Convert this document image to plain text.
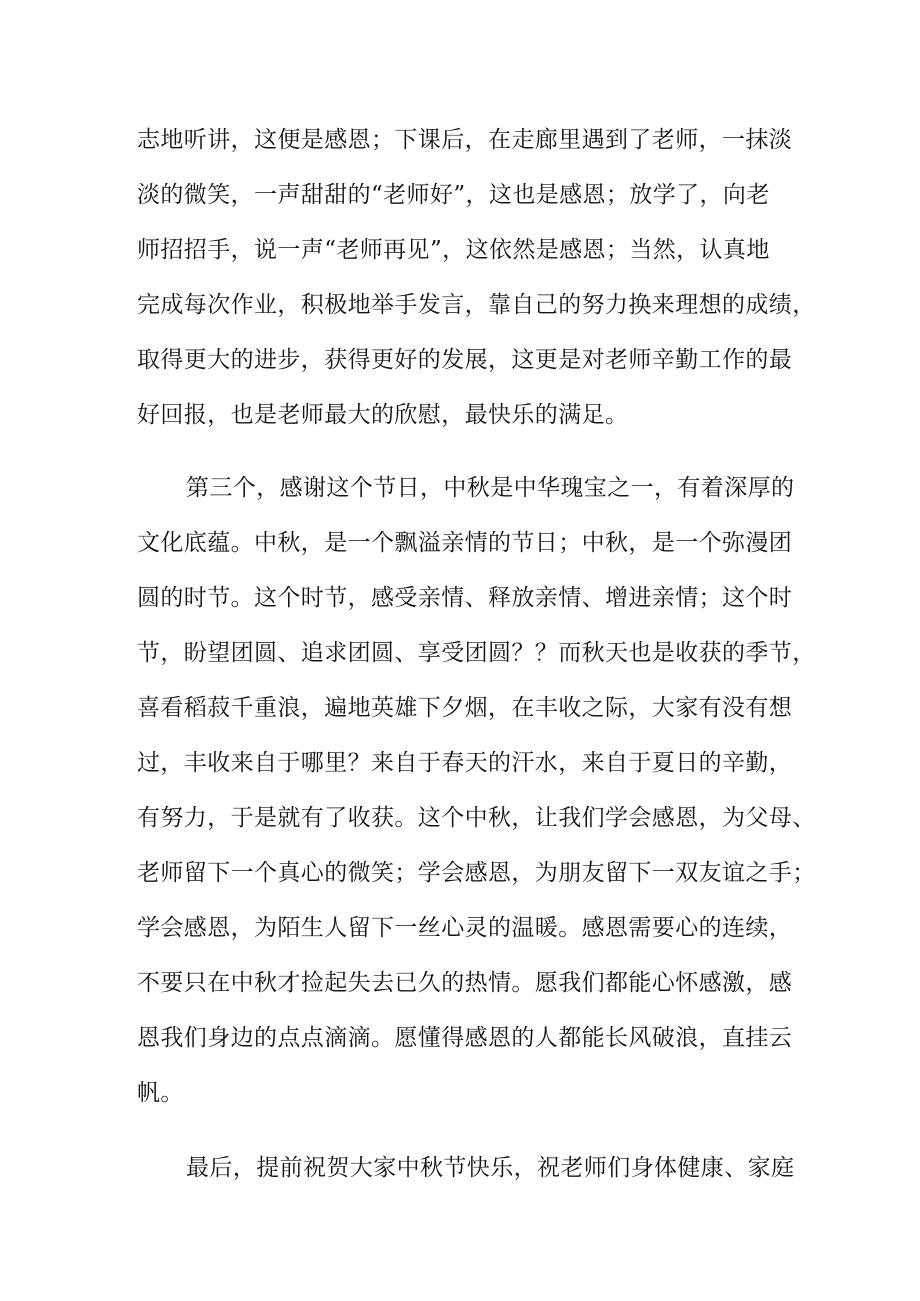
志地听讲，这便是感恩；下课后，在走廊里遇到了老师，一抹淡
淡的微笑，一声甜甜的“老师好”，这也是感恩；放学了，向老
师招招手，说一声“老师再见”，这依然是感恩；当然，认真地
完成每次作业，积极地举手发言，靠自己的努力换来理想的成绩，
取得更大的进步，获得更好的发展，这更是对老师辛勤工作的最
好回报，也是老师最大的欣慰，最快乐的满足。
第三个，感谢这个节日，中秋是中华瑰宝之一，有着深厚的
文化底蕴。中秋，是一个飘溢亲情的节日；中秋，是一个弥漫团
圆的时节。这个时节，感受亲情、释放亲情、增进亲情；这个时
节，盼望团圆、追求团圆、享受团圆？？而秋天也是收获的季节，
喜看稻菽千重浪，遍地英雄下夕烟，在丰收之际，大家有没有想
过，丰收来自于哪里？来自于春天的汗水，来自于夏日的辛勤，
有努力，于是就有了收获。这个中秋，让我们学会感恩，为父母、
老师留下一个真心的微笑；学会感恩，为朋友留下一双友谊之手；
学会感恩，为陌生人留下一丝心灵的温暖。感恩需要心的连续，
不要只在中秋才捡起失去已久的热情。愿我们都能心怀感激，感
恩我们身边的点点滴滴。愿懂得感恩的人都能长风破浪，直挂云
帆。
最后，提前祝贺大家中秋节快乐，祝老师们身体健康、家庭
